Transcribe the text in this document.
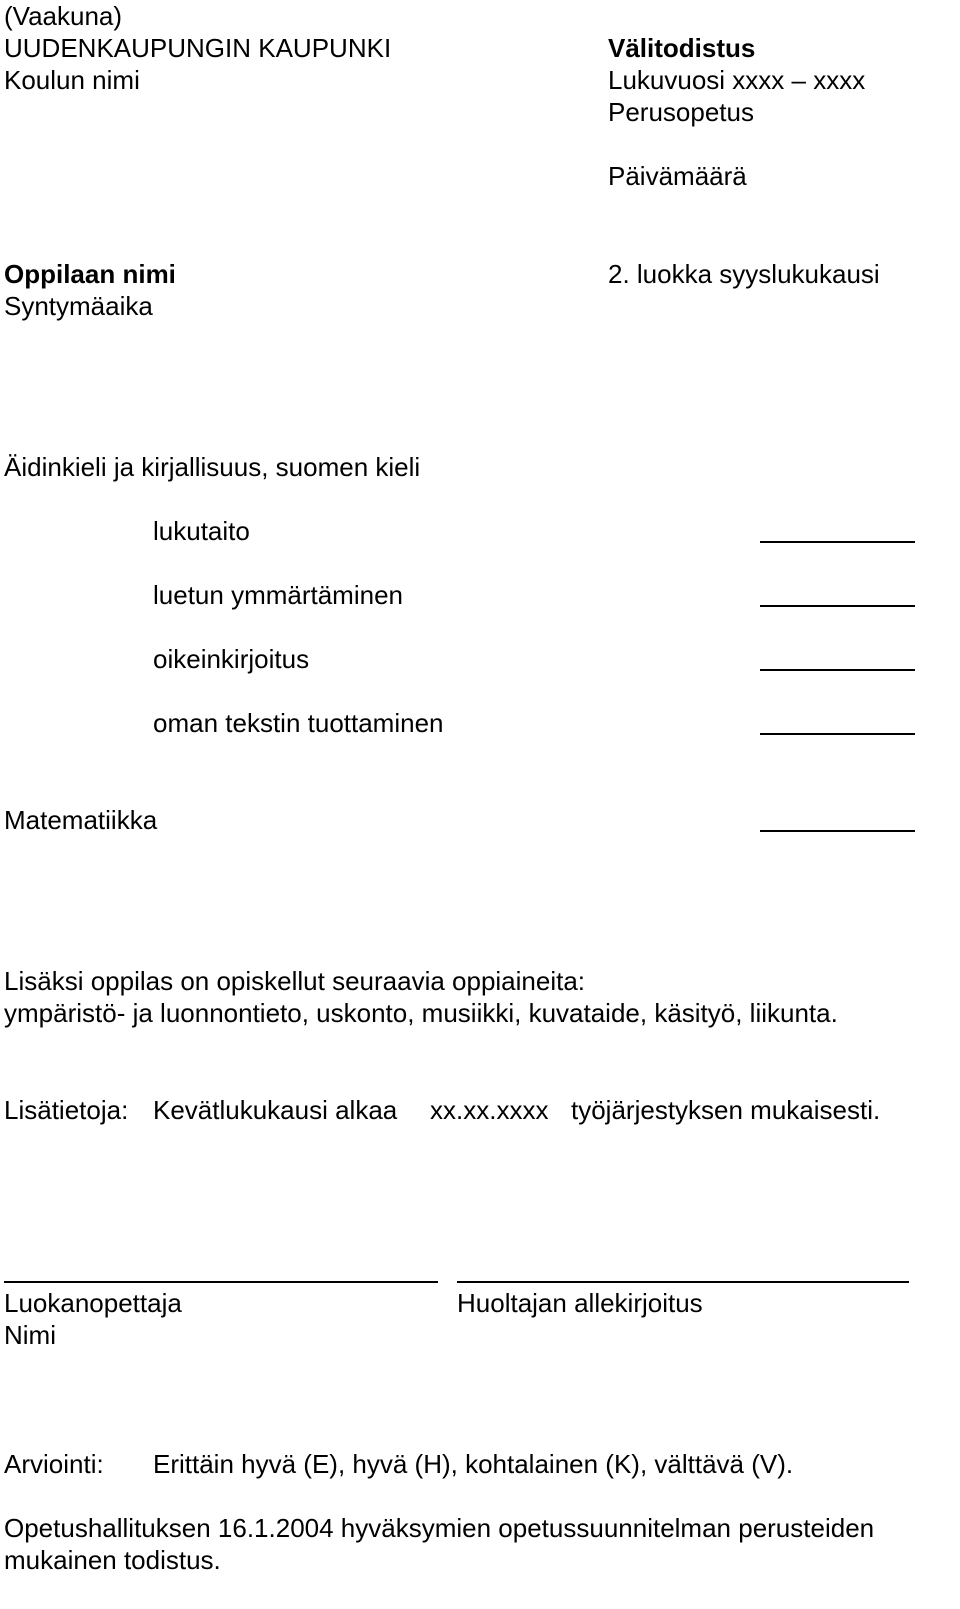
(Vaakuna)
UUDENKAUPUNGIN KAUPUNKI
Koulun nimi
Välitodistus
Lukuvuosi xxxx – xxxx
Perusopetus
Päivämäärä
Oppilaan nimi
Syntymäaika
2. luokka syyslukukausi
Äidinkieli ja kirjallisuus, suomen kieli
lukutaito
luetun ymmärtäminen
oikeinkirjoitus
oman tekstin tuottaminen
Matematiikka
Lisäksi oppilas on opiskellut seuraavia oppiaineita:
ympäristö- ja luonnontieto, uskonto, musiikki, kuvataide, käsityö, liikunta.
Lisätietoja: Kevätlukukausi alkaa xx.xx.xxxx työjärjestyksen mukaisesti.
Luokanopettaja
Nimi
Huoltajan allekirjoitus
Arviointi: Erittäin hyvä (E), hyvä (H), kohtalainen (K), välttävä (V).
Opetushallituksen 16.1.2004 hyväksymien opetussuunnitelman perusteiden
mukainen todistus.
